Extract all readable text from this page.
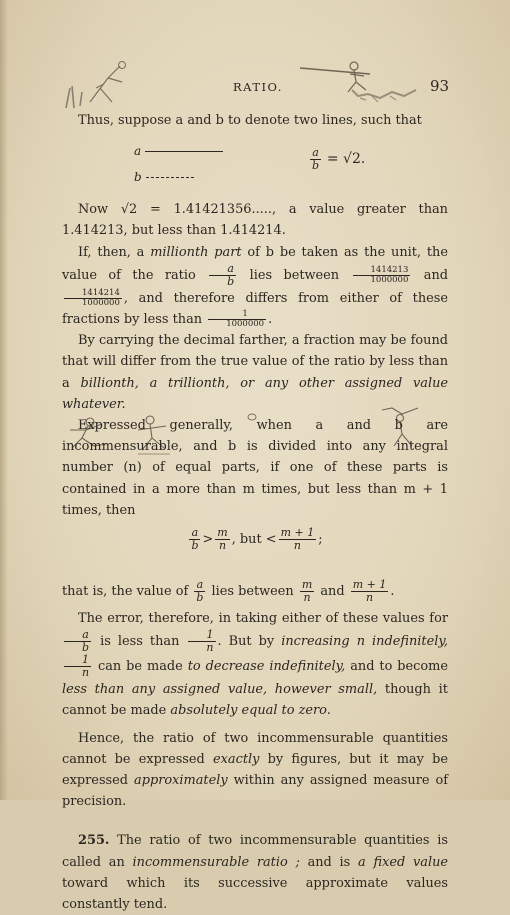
RATIO.	93

Thus, suppose a and b to denote two lines, such that

a
b
$\frac{a}{b} = √2$.

Now √2 = 1.41421356....., a value greater than 1.414213, but less than 1.414214.

If, then, a millionth part of b be taken as the unit, the value of the ratio $\frac{a}{b}$ lies between $\frac{1414213}{1000000}$ and
$\frac{1414214}{1000000}$ , and therefore differs from either of these fractions by less than $\frac{1}{1000000}$ .

By carrying the decimal farther, a fraction may be found that will differ from the true value of the ratio by less than a billionth, a trillionth, or any other assigned value whatever.

Expressed generally, when a and b are incommensurable, and b is divided into any integral number (n) of equal parts, if one of these parts is contained in a more than m times, but less than m + 1 times, then

$\frac{a}{b} > \frac{m}{n}$ , but < $\frac{m + 1}{n}$ ;

that is, the value of $\frac{a}{b}$ lies between $\frac{m}{n}$ and $\frac{m + 1}{n}$ .

The error, therefore, in taking either of these values for
$\frac{a}{b}$ is less than $\frac{1}{n}$ . But by increasing n indefinitely,
$\frac{1}{n}$ can be made to decrease indefinitely, and to become less than any assigned value, however small, though it cannot be made absolutely equal to zero.

Hence, the ratio of two incommensurable quantities cannot be expressed exactly by figures, but it may be expressed approximately within any assigned measure of precision.

255. The ratio of two incommensurable quantities is called an incommensurable ratio ; and is a fixed value toward which its successive approximate values constantly tend.
